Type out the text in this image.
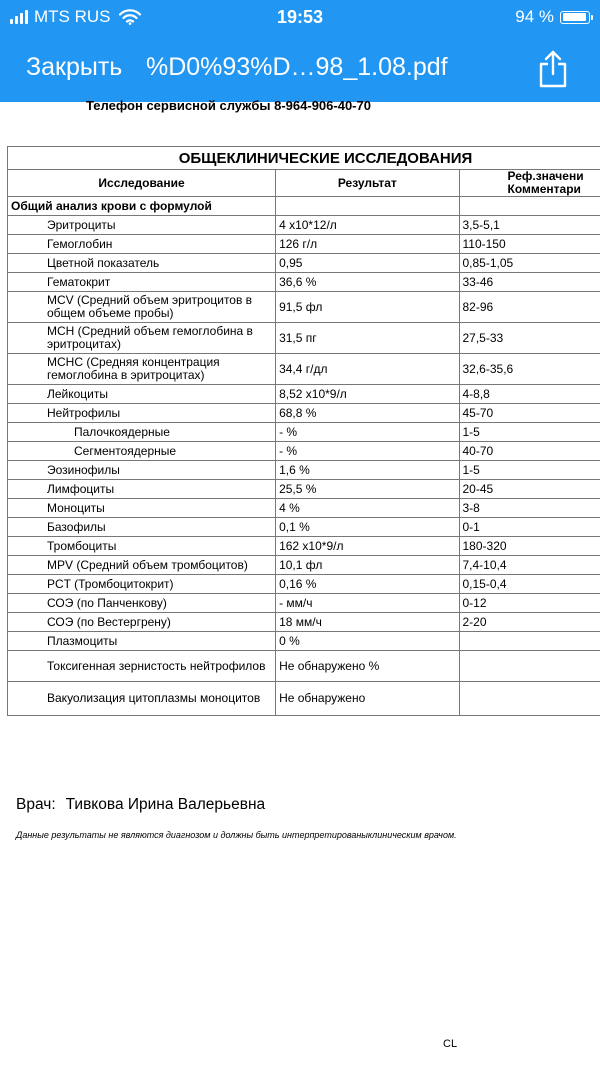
MTS RUS	19:53	94 %
Закрыть %D0%93%D…98_1.08.pdf
Телефон сервисной службы 8-964-906-40-70
ОБЩЕКЛИНИЧЕСКИЕ ИССЛЕДОВАНИЯ		
Исследование	Результат	Реф.значени
Комментари
Общий анализ крови с формулой		
Эритроциты	4 x10*12/л	3,5-5,1
Гемоглобин	126 г/л	110-150
Цветной показатель	0,95	0,85-1,05
Гематокрит	36,6 %	33-46
MCV (Средний объем эритроцитов в общем объеме пробы)	91,5 фл	82-96
MCH (Средний объем гемоглобина в эритроцитах)	31,5 пг	27,5-33
MCHC (Средняя концентрация гемоглобина в эритроцитах)	34,4 г/дл	32,6-35,6
Лейкоциты	8,52 x10*9/л	4-8,8
Нейтрофилы	68,8 %	45-70
Палочкоядерные	- %	1-5
Сегментоядерные	- %	40-70
Эозинофилы	1,6 %	1-5
Лимфоциты	25,5 %	20-45
Моноциты	4 %	3-8
Базофилы	0,1 %	0-1
Тромбоциты	162 x10*9/л	180-320
MPV (Средний объем тромбоцитов)	10,1 фл	7,4-10,4
PCT (Тромбоцитокрит)	0,16 %	0,15-0,4
СОЭ (по Панченкову)	- мм/ч	0-12
СОЭ (по Вестергрену)	18 мм/ч	2-20
Плазмоциты	0 %	
Токсигенная зернистость нейтрофилов	Не обнаружено %	
Вакуолизация цитоплазмы моноцитов	Не обнаружено	
Врач: Тивкова Ирина Валерьевна
Данные результаты не являются диагнозом и должны быть интерпретированыклиническим врачом.
CL
